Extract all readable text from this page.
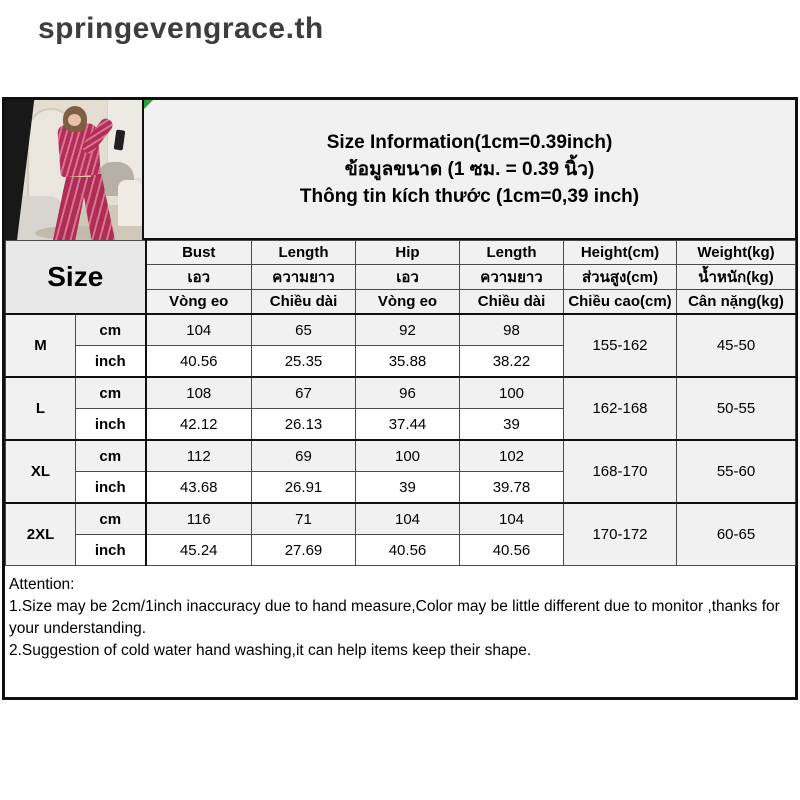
springevengrace.th
Size Information(1cm=0.39inch)
ข้อมูลขนาด (1 ซม. = 0.39 นิ้ว)
Thông tin kích thước (1cm=0,39 inch)
Size		Bust	Length	Hip	Length	Height(cm)	Weight(kg)
		เอว	ความยาว	เอว	ความยาว	ส่วนสูง(cm)	น้ำหนัก(kg)
		Vòng eo	Chiều dài	Vòng eo	Chiều dài	Chiều cao(cm)	Cân nặng(kg)
M	cm	104	65	92	98	155-162	45-50
	inch	40.56	25.35	35.88	38.22		
L	cm	108	67	96	100	162-168	50-55
	inch	42.12	26.13	37.44	39		
XL	cm	112	69	100	102	168-170	55-60
	inch	43.68	26.91	39	39.78		
2XL	cm	116	71	104	104	170-172	60-65
	inch	45.24	27.69	40.56	40.56		
Attention:
1.Size may be 2cm/1inch inaccuracy due to hand measure,Color may be little different due to monitor ,thanks for your understanding.
2.Suggestion of cold water hand washing,it can help items keep their shape.
